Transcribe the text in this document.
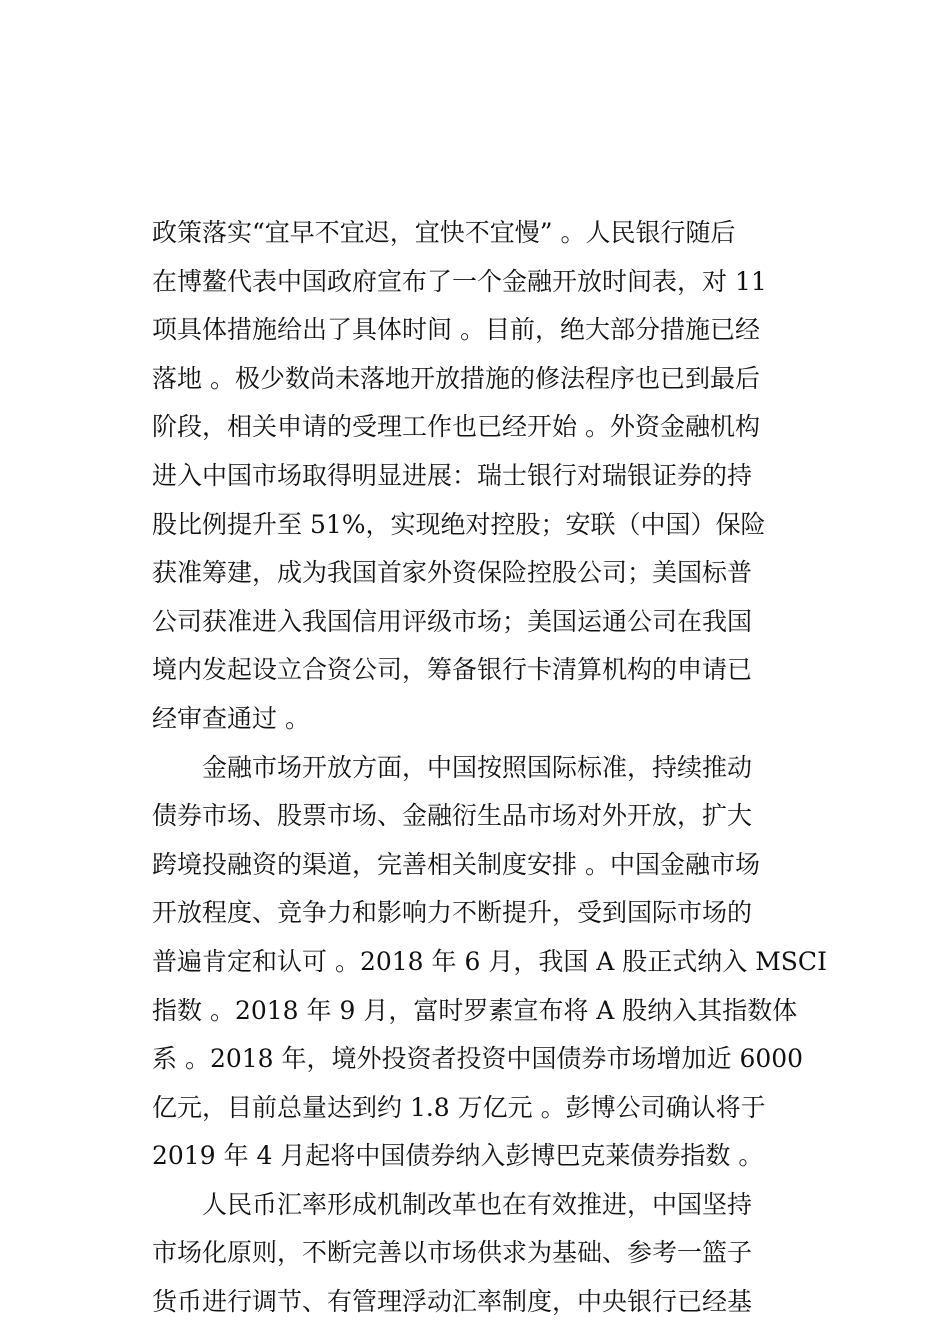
政策落实“宜早不宜迟，宜快不宜慢” 。人民银行随后
在博鳌代表中国政府宣布了一个金融开放时间表，对 11
项具体措施给出了具体时间 。目前，绝大部分措施已经
落地 。极少数尚未落地开放措施的修法程序也已到最后
阶段，相关申请的受理工作也已经开始 。外资金融机构
进入中国市场取得明显进展：瑞士银行对瑞银证券的持
股比例提升至 51%，实现绝对控股；安联（中国）保险
获准筹建，成为我国首家外资保险控股公司；美国标普
公司获准进入我国信用评级市场；美国运通公司在我国
境内发起设立合资公司，筹备银行卡清算机构的申请已
经审查通过 。
　　金融市场开放方面，中国按照国际标准，持续推动
债券市场、股票市场、金融衍生品市场对外开放，扩大
跨境投融资的渠道，完善相关制度安排 。中国金融市场
开放程度、竞争力和影响力不断提升，受到国际市场的
普遍肯定和认可 。2018 年 6 月，我国 A 股正式纳入 MSCI
指数 。2018 年 9 月，富时罗素宣布将 A 股纳入其指数体
系 。2018 年，境外投资者投资中国债券市场增加近 6000
亿元，目前总量达到约 1.8 万亿元 。彭博公司确认将于
2019 年 4 月起将中国债券纳入彭博巴克莱债券指数 。
　　人民币汇率形成机制改革也在有效推进，中国坚持
市场化原则，不断完善以市场供求为基础、参考一篮子
货币进行调节、有管理浮动汇率制度，中央银行已经基
